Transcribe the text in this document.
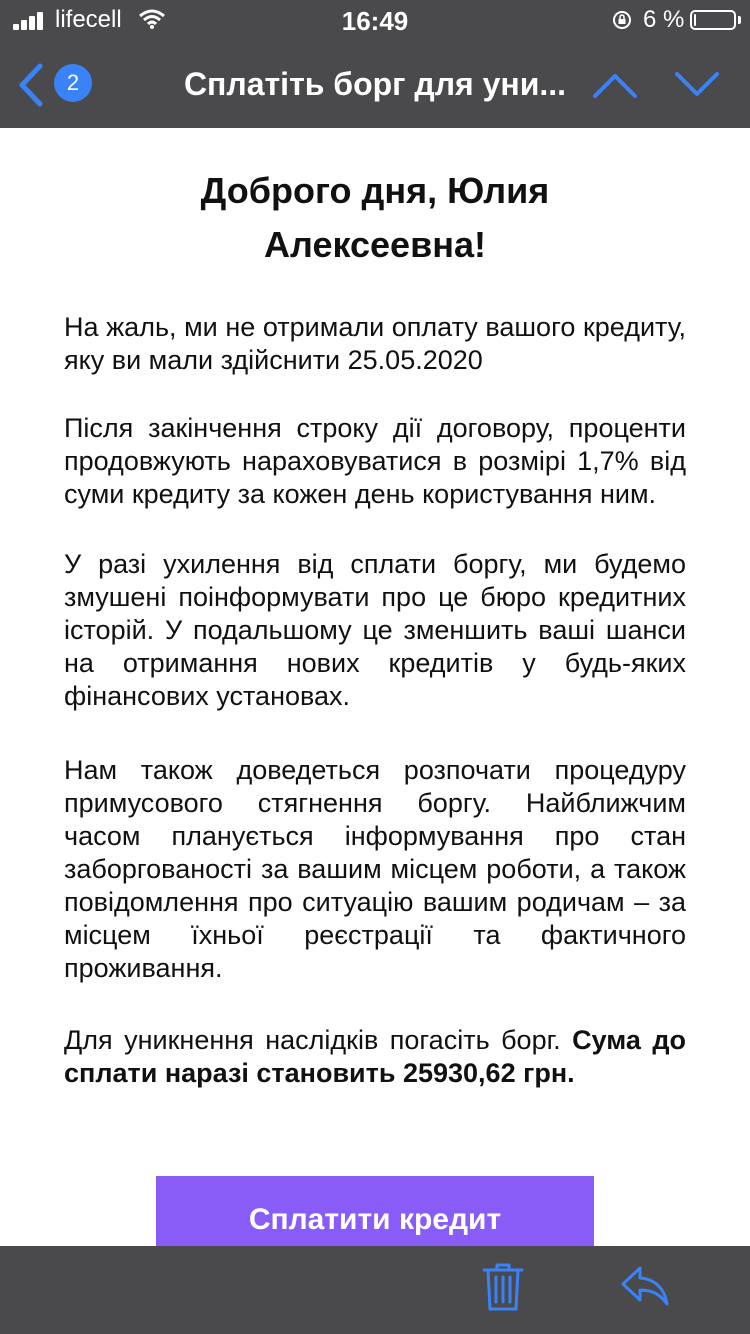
lifecell	16:49	6 %
2	Сплатіть борг для уни...
Доброго дня, Юлия Алексеевна!

На жаль, ми не отримали оплату вашого кредиту, яку ви мали здійснити 25.05.2020

Після закінчення строку дії договору, проценти продовжують нараховуватися в розмірі 1,7% від суми кредиту за кожен день користування ним.

У разі ухилення від сплати боргу, ми будемо змушені поінформувати про це бюро кредитних історій. У подальшому це зменшить ваші шанси на отримання нових кредитів у будь-яких фінансових установах.

Нам також доведеться розпочати процедуру примусового стягнення боргу. Найближчим часом планується інформування про стан заборгованості за вашим місцем роботи, а також повідомлення про ситуацію вашим родичам – за місцем їхньої реєстрації та фактичного проживання.

Для уникнення наслідків погасіть борг. Сума до сплати наразі становить 25930,62 грн.

Сплатити кредит
